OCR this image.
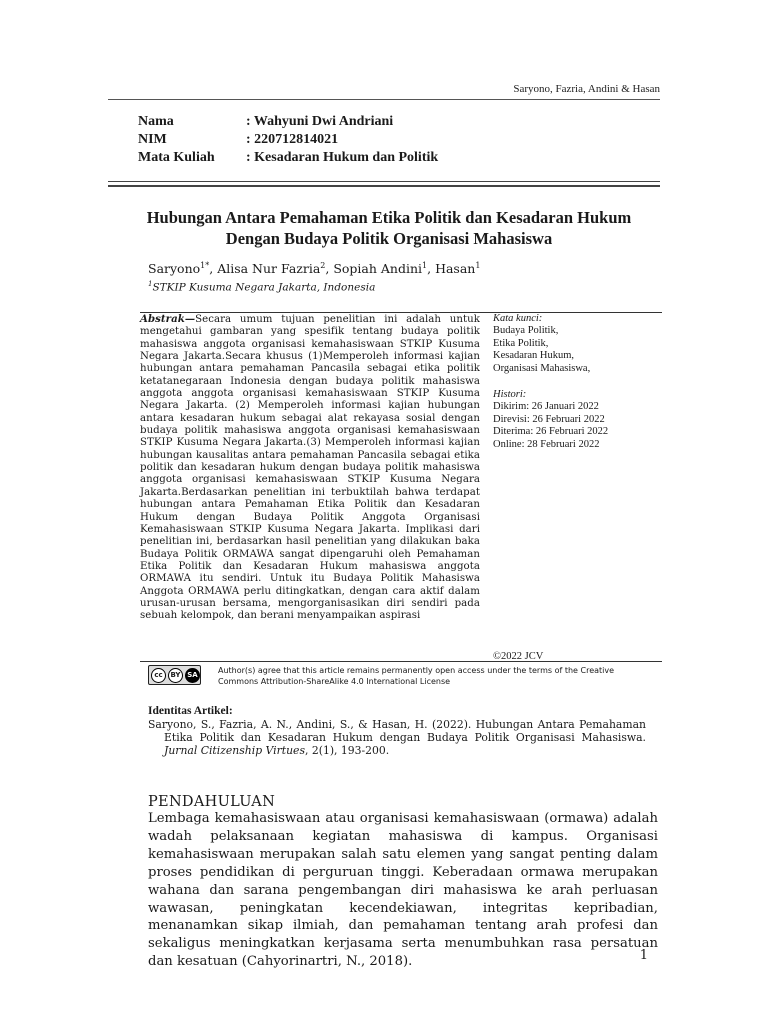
Saryono, Fazria, Andini & Hasan
Nama	: Wahyuni Dwi Andriani
NIM	: 220712814021
Mata Kuliah	: Kesadaran Hukum dan Politik
Hubungan Antara Pemahaman Etika Politik dan Kesadaran Hukum Dengan Budaya Politik Organisasi Mahasiswa
Saryono$^{1*}$, Alisa Nur Fazria$^2$, Sopiah Andini$^1$, Hasan$^1$
$^1$STKIP Kusuma Negara Jakarta, Indonesia
Abstrak—Secara umum tujuan penelitian ini adalah untuk mengetahui gambaran yang spesifik tentang budaya politik mahasiswa anggota organisasi kemahasiswaan STKIP Kusuma Negara Jakarta.Secara khusus (1)Memperoleh informasi kajian hubungan antara pemahaman Pancasila sebagai etika politik ketatanegaraan Indonesia dengan budaya politik mahasiswa anggota anggota organisasi kemahasiswaan STKIP Kusuma Negara Jakarta. (2) Memperoleh informasi kajian hubungan antara kesadaran hukum sebagai alat rekayasa sosial dengan budaya politik mahasiswa anggota organisasi kemahasiswaan STKIP Kusuma Negara Jakarta.(3) Memperoleh informasi kajian hubungan kausalitas antara pemahaman Pancasila sebagai etika politik dan kesadaran hukum dengan budaya politik mahasiswa anggota organisasi kemahasiswaan STKIP Kusuma Negara Jakarta.Berdasarkan penelitian ini terbuktilah bahwa terdapat hubungan antara Pemahaman Etika Politik dan Kesadaran Hukum dengan Budaya Politik Anggota Organisasi Kemahasiswaan STKIP Kusuma Negara Jakarta. Implikasi dari penelitian ini, berdasarkan hasil penelitian yang dilakukan baka Budaya Politik ORMAWA sangat dipengaruhi oleh Pemahaman Etika Politik dan Kesadaran Hukum mahasiswa anggota ORMAWA itu sendiri. Untuk itu Budaya Politik Mahasiswa Anggota ORMAWA perlu ditingkatkan, dengan cara aktif dalam urusan-urusan bersama, mengorganisasikan diri sendiri pada sebuah kelompok, dan berani menyampaikan aspirasi
Kata kunci:
Budaya Politik,
Etika Politik,
Kesadaran Hukum,
Organisasi Mahasiswa,
Histori:
Dikirim: 26 Januari 2022
Direvisi: 26 Februari 2022
Diterima: 26 Februari 2022
Online: 28 Februari 2022
©2022 JCV
cc	BY SA	Author(s) agree that this article remains permanently open access under the terms of the Creative Commons Attribution-ShareAlike 4.0 International License
Identitas Artikel:
Saryono, S., Fazria, A. N., Andini, S., & Hasan, H. (2022). Hubungan Antara Pemahaman Etika Politik dan Kesadaran Hukum dengan Budaya Politik Organisasi Mahasiswa. Jurnal Citizenship Virtues, 2(1), 193-200.
PENDAHULUAN
Lembaga kemahasiswaan atau organisasi kemahasiswaan (ormawa) adalah wadah pelaksanaan kegiatan mahasiswa di kampus. Organisasi kemahasiswaan merupakan salah satu elemen yang sangat penting dalam proses pendidikan di perguruan tinggi. Keberadaan ormawa merupakan wahana dan sarana pengembangan diri mahasiswa ke arah perluasan wawasan, peningkatan kecendekiawan, integritas kepribadian, menanamkan sikap ilmiah, dan pemahaman tentang arah profesi dan sekaligus meningkatkan kerjasama serta menumbuhkan rasa persatuan dan kesatuan (Cahyorinartri, N., 2018).	1
